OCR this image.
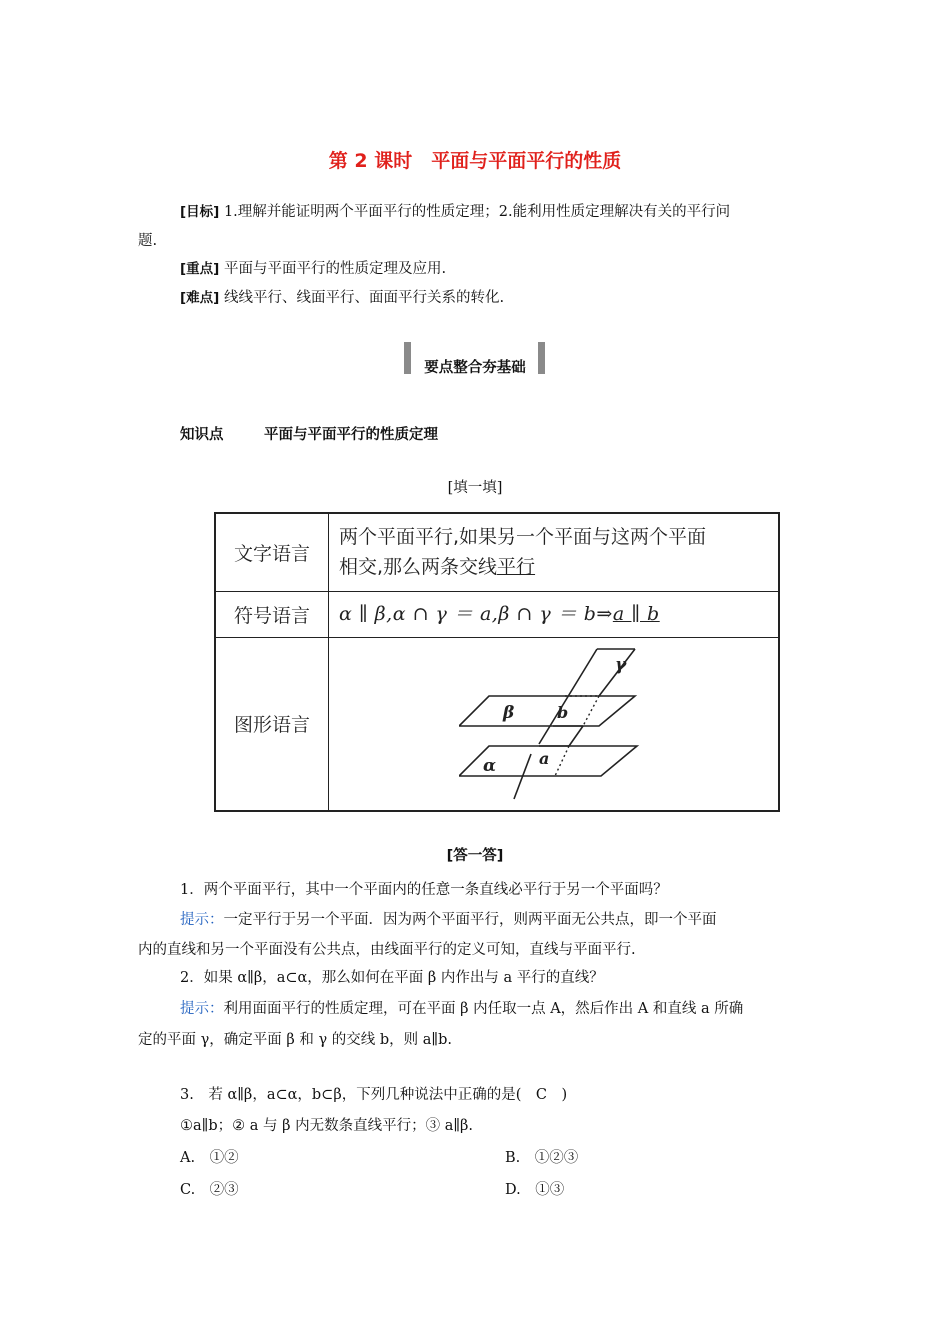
第 2 课时　平面与平面平行的性质
[目标] 1.理解并能证明两个平面平行的性质定理；2.能利用性质定理解决有关的平行问
题.
[重点] 平面与平面平行的性质定理及应用.
[难点] 线线平行、线面平行、面面平行关系的转化.
要点整合夯基础
知识点	平面与平面平行的性质定理
[填一填]
文字语言	两个平面平行,如果另一个平面与这两个平面
相交,那么两条交线平行

符号语言	α ∥ β,α ∩ γ ＝ a,β ∩ γ ＝ b⇒a ∥ b
图形语言	γ
β b
a
α
[答一答]
1．两个平面平行，其中一个平面内的任意一条直线必平行于另一个平面吗？
提示：一定平行于另一个平面．因为两个平面平行，则两平面无公共点，即一个平面
内的直线和另一个平面没有公共点，由线面平行的定义可知，直线与平面平行.
2．如果 α∥β，a⊂α，那么如何在平面 β 内作出与 a 平行的直线？
提示：利用面面平行的性质定理，可在平面 β 内任取一点 A，然后作出 A 和直线 a 所确
定的平面 γ，确定平面 β 和 γ 的交线 b，则 a∥b.
3.　若 α∥β，a⊂α，b⊂β，下列几种说法中正确的是(　C　)
①a∥b；② a 与 β 内无数条直线平行；③ a∥β.
A.　①②	B.　①②③
C.　②③	D.　①③
